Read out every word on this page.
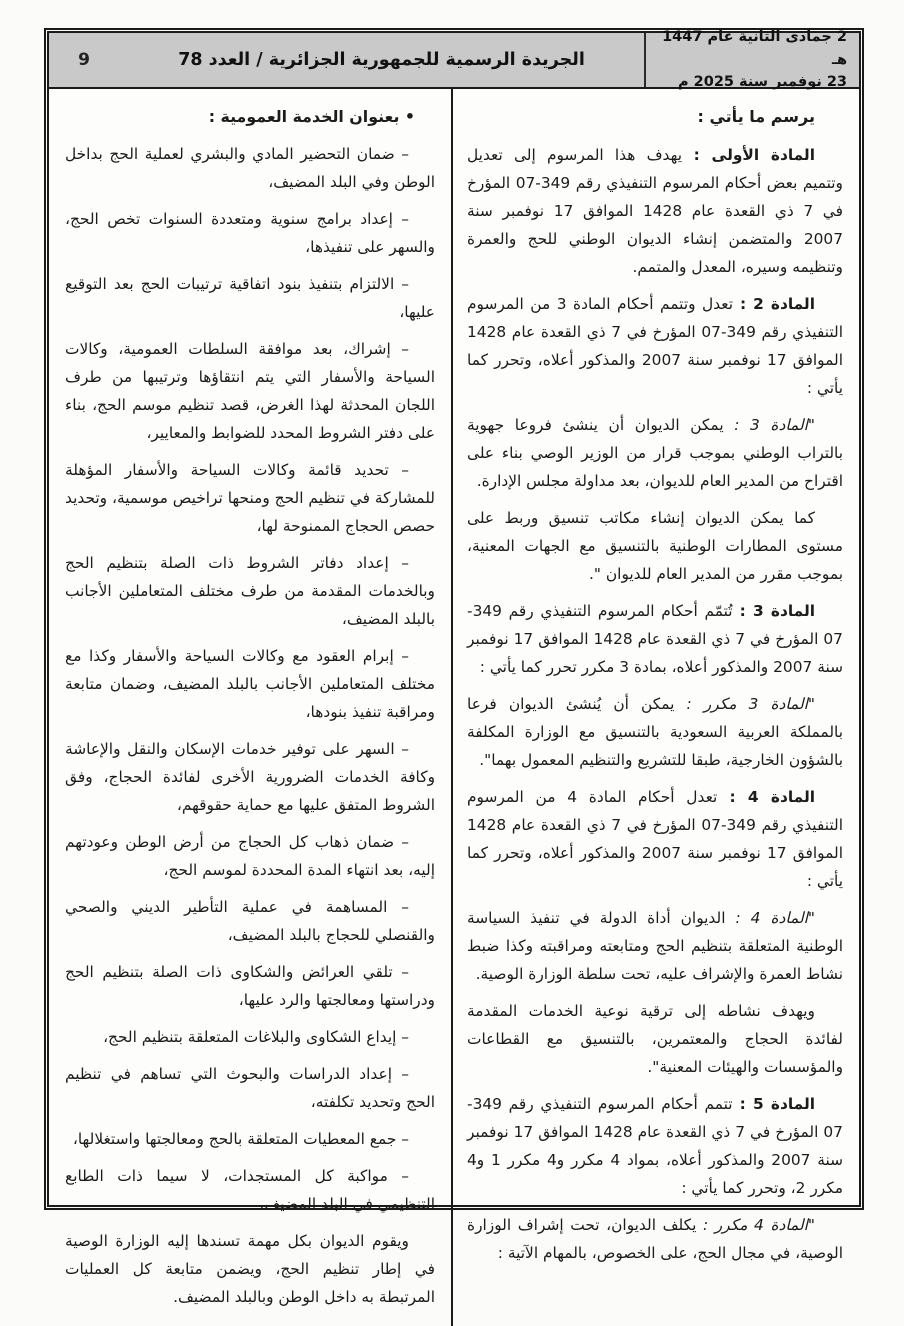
2 جمادى الثانية عام 1447 هـ
23 نوفمبر سنة 2025 م
الجريدة الرسمية للجمهورية الجزائرية / العدد 78
9

يرسم ما يأتي :

المادة الأولى : يهدف هذا المرسوم إلى تعديل وتتميم بعض أحكام المرسوم التنفيذي رقم 349-07 المؤرخ في 7 ذي القعدة عام 1428 الموافق 17 نوفمبر سنة 2007 والمتضمن إنشاء الديوان الوطني للحج والعمرة وتنظيمه وسيره، المعدل والمتمم.

المادة 2 : تعدل وتتمم أحكام المادة 3 من المرسوم التنفيذي رقم 349-07 المؤرخ في 7 ذي القعدة عام 1428 الموافق 17 نوفمبر سنة 2007 والمذكور أعلاه، وتحرر كما يأتي :

"المادة 3 : يمكن الديوان أن ينشئ فروعا جهوية بالتراب الوطني بموجب قرار من الوزير الوصي بناء على اقتراح من المدير العام للديوان، بعد مداولة مجلس الإدارة.

كما يمكن الديوان إنشاء مكاتب تنسيق وربط على مستوى المطارات الوطنية بالتنسيق مع الجهات المعنية، بموجب مقرر من المدير العام للديوان ".

المادة 3 : تُتمّم أحكام المرسوم التنفيذي رقم 349-07 المؤرخ في 7 ذي القعدة عام 1428 الموافق 17 نوفمبر سنة 2007 والمذكور أعلاه، بمادة 3 مكرر تحرر كما يأتي :

"المادة 3 مكرر : يمكن أن يُنشئ الديوان فرعا بالمملكة العربية السعودية بالتنسيق مع الوزارة المكلفة بالشؤون الخارجية، طبقا للتشريع والتنظيم المعمول بهما".

المادة 4 : تعدل أحكام المادة 4 من المرسوم التنفيذي رقم 349-07 المؤرخ في 7 ذي القعدة عام 1428 الموافق 17 نوفمبر سنة 2007 والمذكور أعلاه، وتحرر كما يأتي :

"المادة 4 : الديوان أداة الدولة في تنفيذ السياسة الوطنية المتعلقة بتنظيم الحج ومتابعته ومراقبته وكذا ضبط نشاط العمرة والإشراف عليه، تحت سلطة الوزارة الوصية.

ويهدف نشاطه إلى ترقية نوعية الخدمات المقدمة لفائدة الحجاج والمعتمرين، بالتنسيق مع القطاعات والمؤسسات والهيئات المعنية".

المادة 5 : تتمم أحكام المرسوم التنفيذي رقم 349-07 المؤرخ في 7 ذي القعدة عام 1428 الموافق 17 نوفمبر سنة 2007 والمذكور أعلاه، بمواد 4 مكرر و4 مكرر 1 و4 مكرر 2، وتحرر كما يأتي :

"المادة 4 مكرر : يكلف الديوان، تحت إشراف الوزارة الوصية، في مجال الحج، على الخصوص، بالمهام الآتية :

• بعنوان الخدمة العمومية :

– ضمان التحضير المادي والبشري لعملية الحج بداخل الوطن وفي البلد المضيف،

– إعداد برامج سنوية ومتعددة السنوات تخص الحج، والسهر على تنفيذها،

– الالتزام بتنفيذ بنود اتفاقية ترتيبات الحج بعد التوقيع عليها،

– إشراك، بعد موافقة السلطات العمومية، وكالات السياحة والأسفار التي يتم انتقاؤها وترتيبها من طرف اللجان المحدثة لهذا الغرض، قصد تنظيم موسم الحج، بناء على دفتر الشروط المحدد للضوابط والمعايير،

– تحديد قائمة وكالات السياحة والأسفار المؤهلة للمشاركة في تنظيم الحج ومنحها تراخيص موسمية، وتحديد حصص الحجاج الممنوحة لها،

– إعداد دفاتر الشروط ذات الصلة بتنظيم الحج وبالخدمات المقدمة من طرف مختلف المتعاملين الأجانب بالبلد المضيف،

– إبرام العقود مع وكالات السياحة والأسفار وكذا مع مختلف المتعاملين الأجانب بالبلد المضيف، وضمان متابعة ومراقبة تنفيذ بنودها،

– السهر على توفير خدمات الإسكان والنقل والإعاشة وكافة الخدمات الضرورية الأخرى لفائدة الحجاج، وفق الشروط المتفق عليها مع حماية حقوقهم،

– ضمان ذهاب كل الحجاج من أرض الوطن وعودتهم إليه، بعد انتهاء المدة المحددة لموسم الحج،

– المساهمة في عملية التأطير الديني والصحي والقنصلي للحجاج بالبلد المضيف،

– تلقي العرائض والشكاوى ذات الصلة بتنظيم الحج ودراستها ومعالجتها والرد عليها،

– إيداع الشكاوى والبلاغات المتعلقة بتنظيم الحج،

– إعداد الدراسات والبحوث التي تساهم في تنظيم الحج وتحديد تكلفته،

– جمع المعطيات المتعلقة بالحج ومعالجتها واستغلالها،

– مواكبة كل المستجدات، لا سيما ذات الطابع التنظيمي في البلد المضيف.

ويقوم الديوان بكل مهمة تسندها إليه الوزارة الوصية في إطار تنظيم الحج، ويضمن متابعة كل العمليات المرتبطة به داخل الوطن وبالبلد المضيف.
